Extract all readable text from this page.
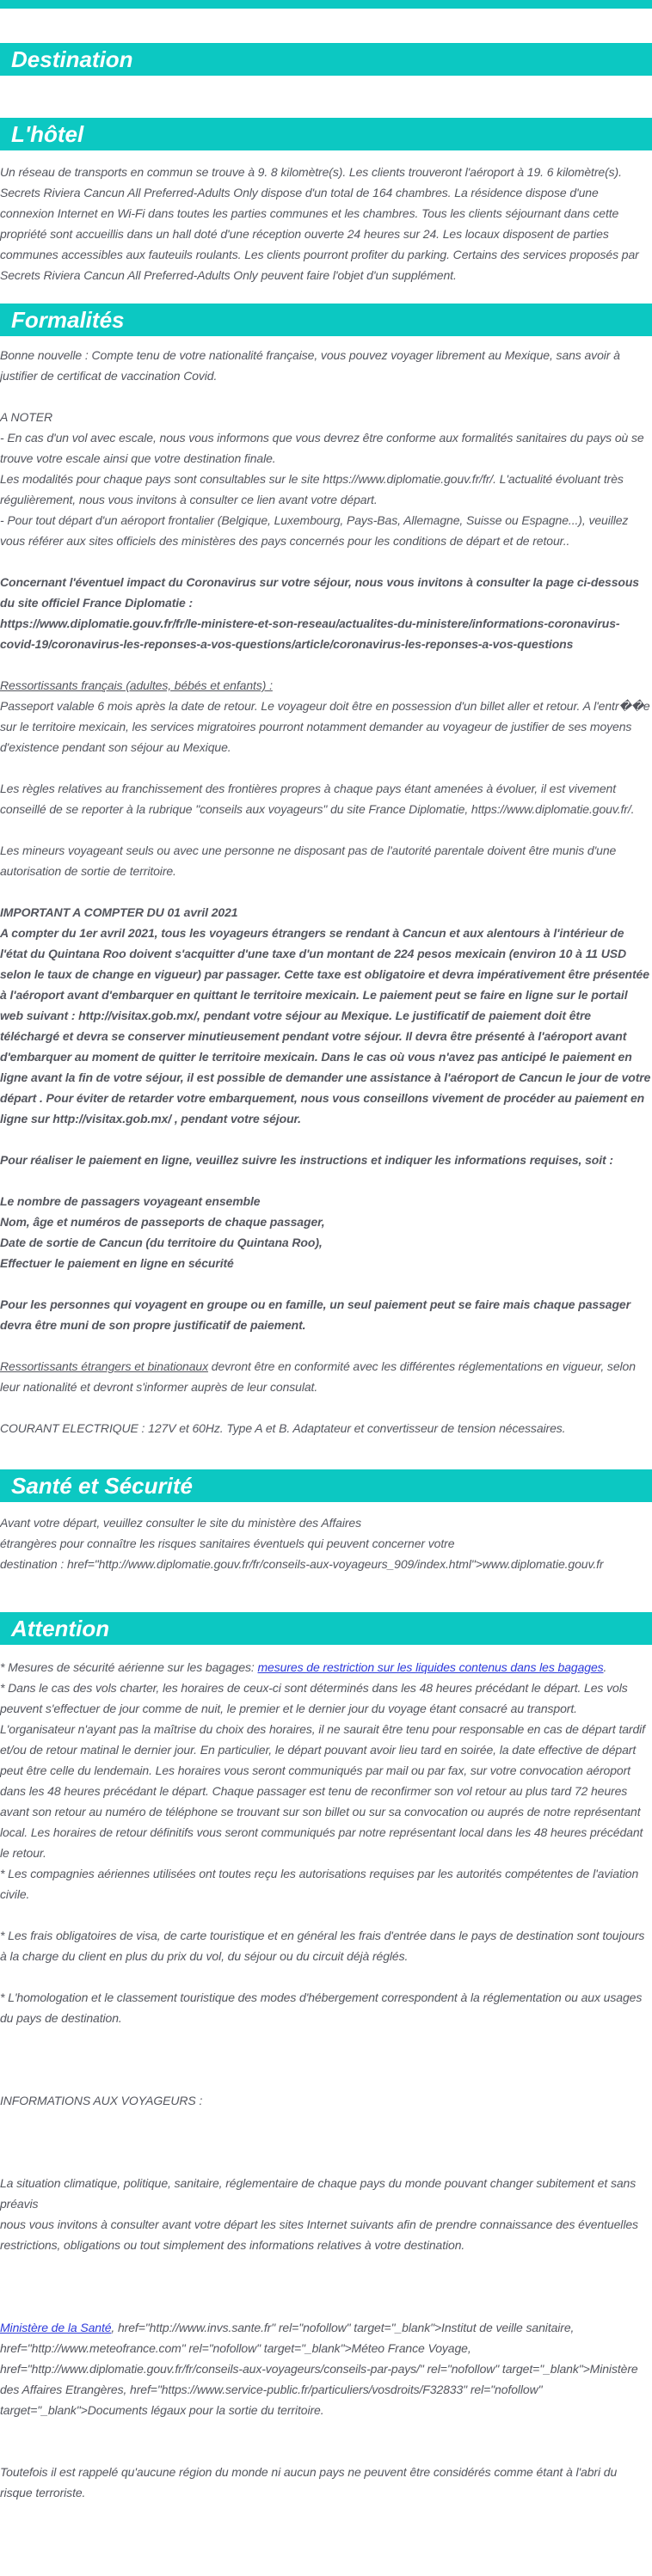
Destination
L'hôtel

Un réseau de transports en commun se trouve à 9. 8 kilomètre(s). Les clients trouveront l'aéroport à 19. 6 kilomètre(s). Secrets Riviera Cancun All Preferred-Adults Only dispose d'un total de 164 chambres. La résidence dispose d'une connexion Internet en Wi-Fi dans toutes les parties communes et les chambres. Tous les clients séjournant dans cette propriété sont accueillis dans un hall doté d'une réception ouverte 24 heures sur 24. Les locaux disposent de parties communes accessibles aux fauteuils roulants. Les clients pourront profiter du parking. Certains des services proposés par Secrets Riviera Cancun All Preferred-Adults Only peuvent faire l'objet d'un supplément.

Formalités

Bonne nouvelle : Compte tenu de votre nationalité française, vous pouvez voyager librement au Mexique, sans avoir à justifier de certificat de vaccination Covid.

A NOTER

- En cas d'un vol avec escale, nous vous informons que vous devrez être conforme aux formalités sanitaires du pays où se trouve votre escale ainsi que votre destination finale.

Les modalités pour chaque pays sont consultables sur le site https://www.diplomatie.gouv.fr/fr/. L'actualité évoluant très régulièrement, nous vous invitons à consulter ce lien avant votre départ.

- Pour tout départ d'un aéroport frontalier (Belgique, Luxembourg, Pays-Bas, Allemagne, Suisse ou Espagne...), veuillez vous référer aux sites officiels des ministères des pays concernés pour les conditions de départ et de retour..

Concernant l'éventuel impact du Coronavirus sur votre séjour, nous vous invitons à consulter la page ci-dessous du site officiel France Diplomatie :

https://www.diplomatie.gouv.fr/fr/le-ministere-et-son-reseau/actualites-du-ministere/informations-coronavirus-covid-19/coronavirus-les-reponses-a-vos-questions/article/coronavirus-les-reponses-a-vos-questions

Ressortissants français (adultes, bébés et enfants) :

Passeport valable 6 mois après la date de retour. Le voyageur doit être en possession d'un billet aller et retour. A l'entr��e sur le territoire mexicain, les services migratoires pourront notamment demander au voyageur de justifier de ses moyens d'existence pendant son séjour au Mexique.

Les règles relatives au franchissement des frontières propres à chaque pays étant amenées à évoluer, il est vivement conseillé de se reporter à la rubrique "conseils aux voyageurs" du site France Diplomatie, https://www.diplomatie.gouv.fr/.

Les mineurs voyageant seuls ou avec une personne ne disposant pas de l'autorité parentale doivent être munis d'une autorisation de sortie de territoire.

IMPORTANT A COMPTER DU 01 avril 2021

A compter du 1er avril 2021, tous les voyageurs étrangers se rendant à Cancun et aux alentours à l'intérieur de l'état du Quintana Roo doivent s'acquitter d'une taxe d'un montant de 224 pesos mexicain (environ 10 à 11 USD selon le taux de change en vigueur) par passager. Cette taxe est obligatoire et devra impérativement être présentée à l'aéroport avant d'embarquer en quittant le territoire mexicain. Le paiement peut se faire en ligne sur le portail web suivant : http://visitax.gob.mx/, pendant votre séjour au Mexique. Le justificatif de paiement doit être téléchargé et devra se conserver minutieusement pendant votre séjour. Il devra être présenté à l'aéroport avant d'embarquer au moment de quitter le territoire mexicain. Dans le cas où vous n'avez pas anticipé le paiement en ligne avant la fin de votre séjour, il est possible de demander une assistance à l'aéroport de Cancun le jour de votre départ . Pour éviter de retarder votre embarquement, nous vous conseillons vivement de procéder au paiement en ligne sur http://visitax.gob.mx/ , pendant votre séjour.

Pour réaliser le paiement en ligne, veuillez suivre les instructions et indiquer les informations requises, soit :

Le nombre de passagers voyageant ensemble

Nom, âge et numéros de passeports de chaque passager,

Date de sortie de Cancun (du territoire du Quintana Roo),

Effectuer le paiement en ligne en sécurité

Pour les personnes qui voyagent en groupe ou en famille, un seul paiement peut se faire mais chaque passager devra être muni de son propre justificatif de paiement.

Ressortissants étrangers et binationaux devront être en conformité avec les différentes réglementations en vigueur, selon leur nationalité et devront s'informer auprès de leur consulat.

COURANT ELECTRIQUE : 127V et 60Hz. Type A et B. Adaptateur et convertisseur de tension nécessaires.

Santé et Sécurité

Avant votre départ, veuillez consulter le site du ministère des Affaires

étrangères pour connaître les risques sanitaires éventuels qui peuvent concerner votre

destination : href="http://www.diplomatie.gouv.fr/fr/conseils-aux-voyageurs_909/index.html">www.diplomatie.gouv.fr

Attention

* Mesures de sécurité aérienne sur les bagages: mesures de restriction sur les liquides contenus dans les bagages.

* Dans le cas des vols charter, les horaires de ceux-ci sont déterminés dans les 48 heures précédant le départ. Les vols peuvent s'effectuer de jour comme de nuit, le premier et le dernier jour du voyage étant consacré au transport. L'organisateur n'ayant pas la maîtrise du choix des horaires, il ne saurait être tenu pour responsable en cas de départ tardif et/ou de retour matinal le dernier jour. En particulier, le départ pouvant avoir lieu tard en soirée, la date effective de départ peut être celle du lendemain. Les horaires vous seront communiqués par mail ou par fax, sur votre convocation aéroport dans les 48 heures précédant le départ. Chaque passager est tenu de reconfirmer son vol retour au plus tard 72 heures avant son retour au numéro de téléphone se trouvant sur son billet ou sur sa convocation ou auprés de notre représentant local. Les horaires de retour définitifs vous seront communiqués par notre représentant local dans les 48 heures précédant le retour.

* Les compagnies aériennes utilisées ont toutes reçu les autorisations requises par les autorités compétentes de l'aviation civile.

* Les frais obligatoires de visa, de carte touristique et en général les frais d'entrée dans le pays de destination sont toujours à la charge du client en plus du prix du vol, du séjour ou du circuit déjà réglés.

* L'homologation et le classement touristique des modes d'hébergement correspondent à la réglementation ou aux usages du pays de destination.

INFORMATIONS AUX VOYAGEURS :

La situation climatique, politique, sanitaire, réglementaire de chaque pays du monde pouvant changer subitement et sans préavis

nous vous invitons à consulter avant votre départ les sites Internet suivants afin de prendre connaissance des éventuelles restrictions, obligations ou tout simplement des informations relatives à votre destination.

Ministère de la Santé, href="http://www.invs.sante.fr" rel="nofollow" target="_blank">Institut de veille sanitaire, href="http://www.meteofrance.com" rel="nofollow" target="_blank">Méteo France Voyage, href="http://www.diplomatie.gouv.fr/fr/conseils-aux-voyageurs/conseils-par-pays/" rel="nofollow" target="_blank">Ministère des Affaires Etrangères, href="https://www.service-public.fr/particuliers/vosdroits/F32833" rel="nofollow" target="_blank">Documents légaux pour la sortie du territoire.

Toutefois il est rappelé qu'aucune région du monde ni aucun pays ne peuvent être considérés comme étant à l'abri du risque terroriste.
